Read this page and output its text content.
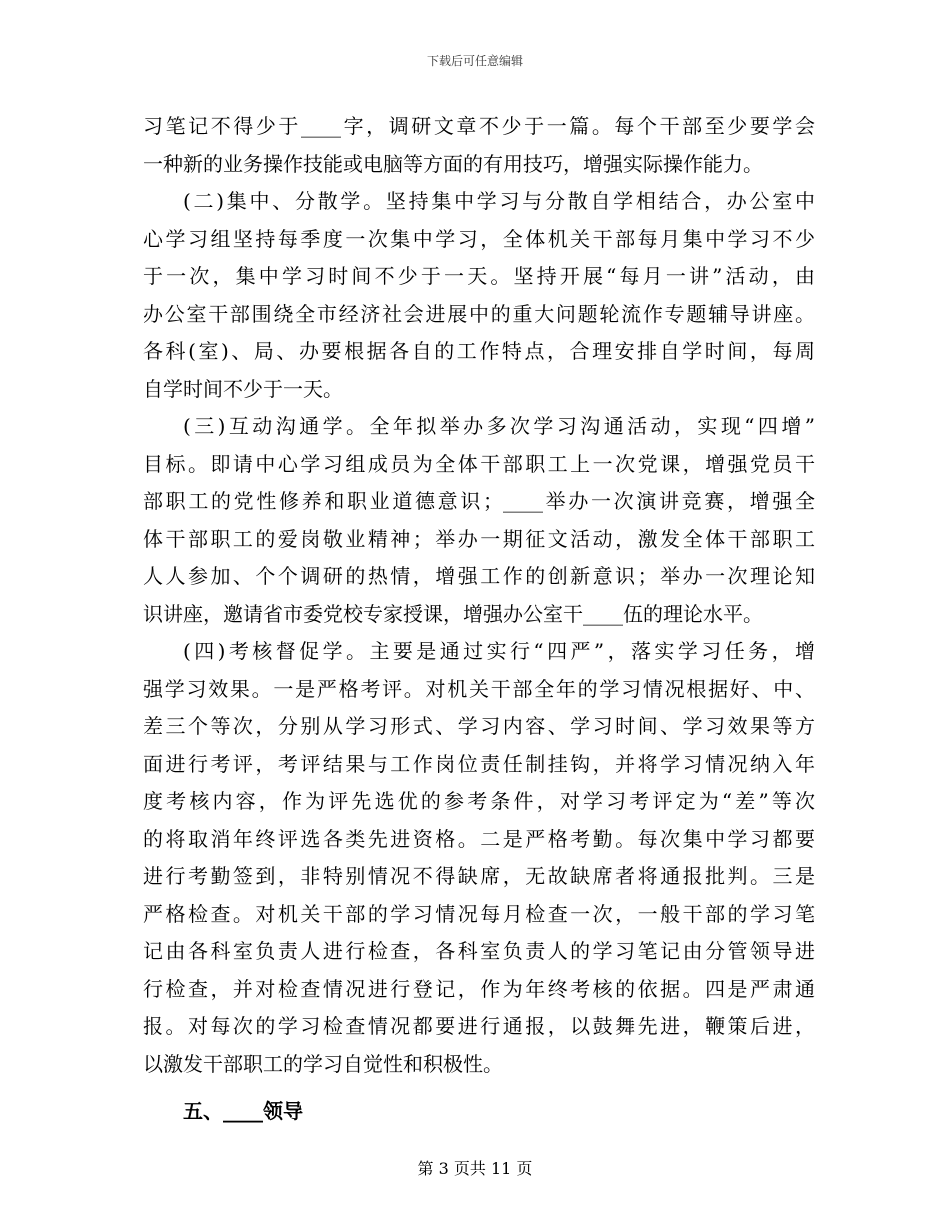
下载后可任意编辑
习笔记不得少于____字，调研文章不少于一篇。每个干部至少要学会
一种新的业务操作技能或电脑等方面的有用技巧，增强实际操作能力。
(二)集中、分散学。坚持集中学习与分散自学相结合，办公室中
心学习组坚持每季度一次集中学习，全体机关干部每月集中学习不少
于一次，集中学习时间不少于一天。坚持开展“每月一讲”活动，由
办公室干部围绕全市经济社会进展中的重大问题轮流作专题辅导讲座。
各科(室)、局、办要根据各自的工作特点，合理安排自学时间，每周
自学时间不少于一天。
(三)互动沟通学。全年拟举办多次学习沟通活动，实现“四增”
目标。即请中心学习组成员为全体干部职工上一次党课，增强党员干
部职工的党性修养和职业道德意识；____举办一次演讲竞赛，增强全
体干部职工的爱岗敬业精神；举办一期征文活动，激发全体干部职工
人人参加、个个调研的热情，增强工作的创新意识；举办一次理论知
识讲座，邀请省市委党校专家授课，增强办公室干____伍的理论水平。
(四)考核督促学。主要是通过实行“四严”，落实学习任务，增
强学习效果。一是严格考评。对机关干部全年的学习情况根据好、中、
差三个等次，分别从学习形式、学习内容、学习时间、学习效果等方
面进行考评，考评结果与工作岗位责任制挂钩，并将学习情况纳入年
度考核内容，作为评先选优的参考条件，对学习考评定为“差”等次
的将取消年终评选各类先进资格。二是严格考勤。每次集中学习都要
进行考勤签到，非特别情况不得缺席，无故缺席者将通报批判。三是
严格检查。对机关干部的学习情况每月检查一次，一般干部的学习笔
记由各科室负责人进行检查，各科室负责人的学习笔记由分管领导进
行检查，并对检查情况进行登记，作为年终考核的依据。四是严肃通
报。对每次的学习检查情况都要进行通报，以鼓舞先进，鞭策后进，
以激发干部职工的学习自觉性和积极性。
五、____领导
第 3 页共 11 页
